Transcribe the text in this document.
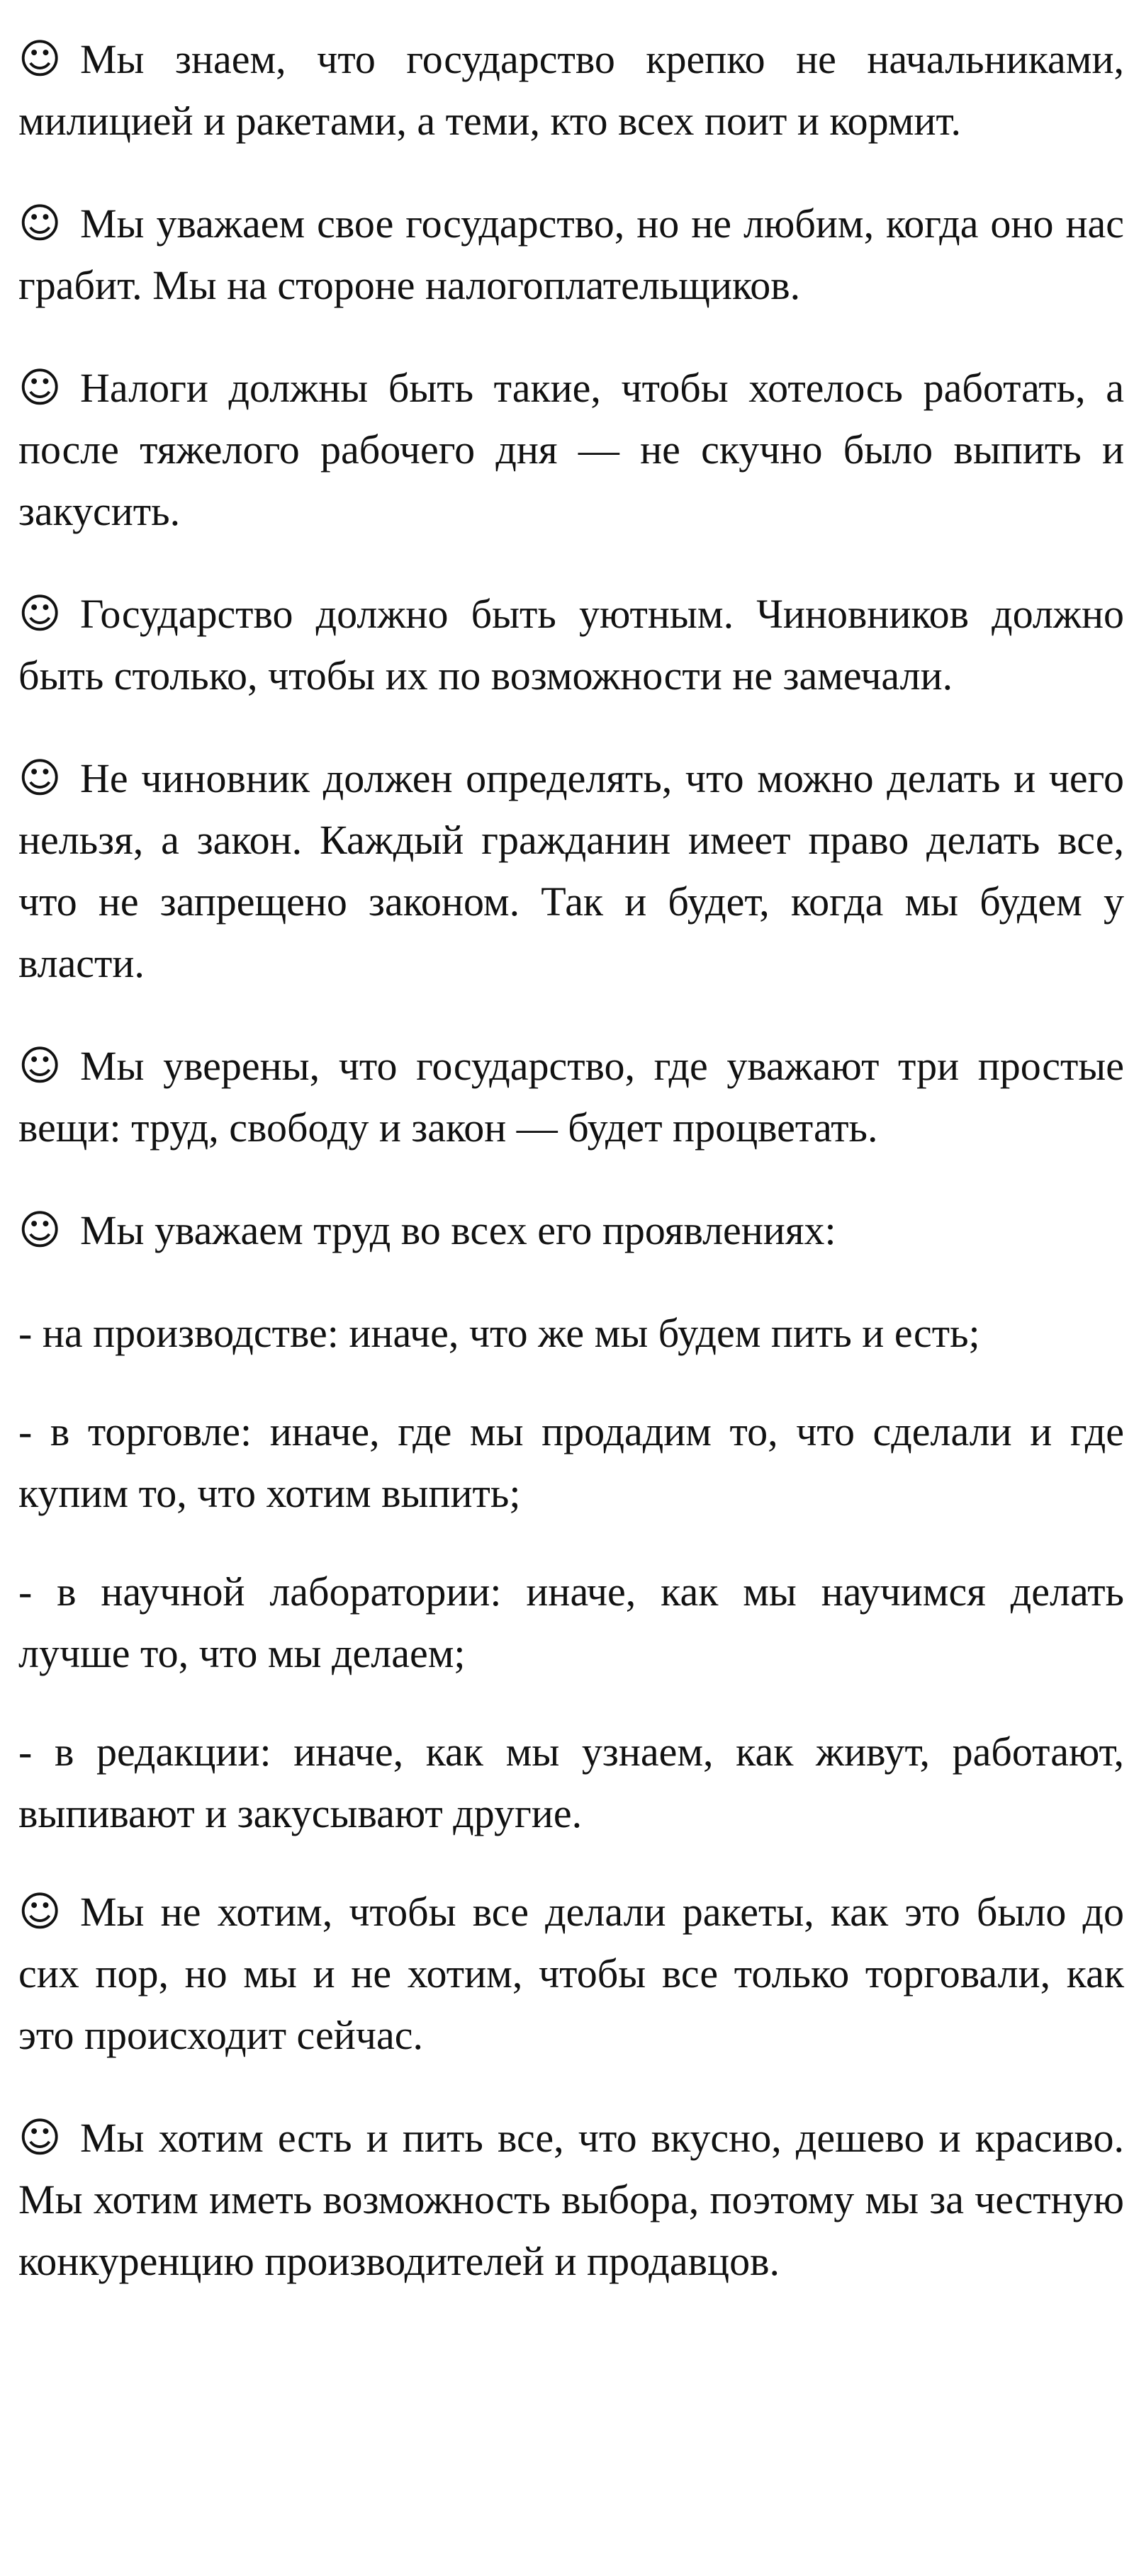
☺ Мы знаем, что государство крепко не начальниками, милицией и ракетами, а теми, кто всех поит и кормит.

☺ Мы уважаем свое государство, но не любим, когда оно нас грабит. Мы на стороне налогоплательщиков.

☺ Налоги должны быть такие, чтобы хотелось работать, а после тяжелого рабочего дня — не скучно было выпить и закусить.

☺ Государство должно быть уютным. Чиновников должно быть столько, чтобы их по возможности не замечали.

☺ Не чиновник должен определять, что можно делать и чего нельзя, а закон. Каждый гражданин имеет право делать все, что не запрещено законом. Так и будет, когда мы будем у власти.

☺ Мы уверены, что государство, где уважают три простые вещи: труд, свободу и закон — будет процветать.

☺ Мы уважаем труд во всех его проявлениях:

- на производстве: иначе, что же мы будем пить и есть;

- в торговле: иначе, где мы продадим то, что сделали и где купим то, что хотим выпить;

- в научной лаборатории: иначе, как мы научимся делать лучше то, что мы делаем;

- в редакции: иначе, как мы узнаем, как живут, работают, выпивают и закусывают другие.

☺ Мы не хотим, чтобы все делали ракеты, как это было до сих пор, но мы и не хотим, чтобы все только торговали, как это происходит сейчас.

☺ Мы хотим есть и пить все, что вкусно, дешево и красиво. Мы хотим иметь возможность выбора, поэтому мы за честную конкуренцию производителей и продавцов.
